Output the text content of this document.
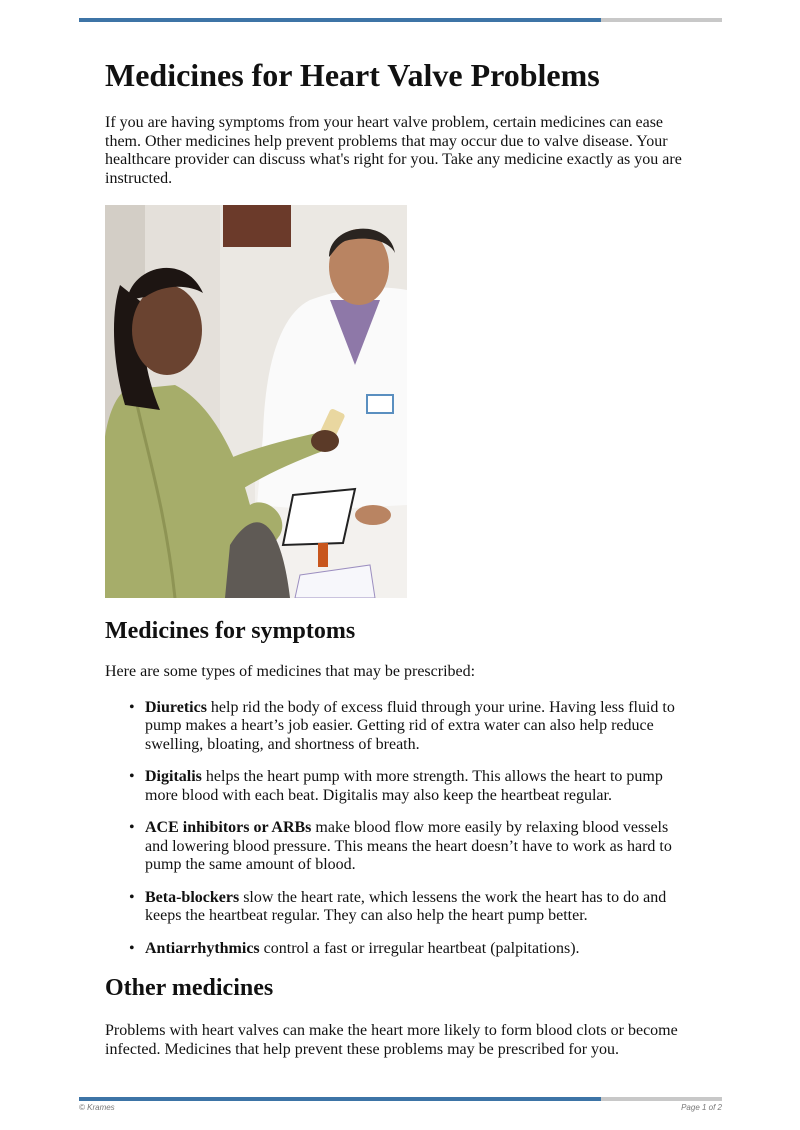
Medicines for Heart Valve Problems

If you are having symptoms from your heart valve problem, certain medicines can ease them. Other medicines help prevent problems that may occur due to valve disease. Your healthcare provider can discuss what's right for you. Take any medicine exactly as you are instructed.

Medicines for symptoms

Here are some types of medicines that may be prescribed:

• Diuretics help rid the body of excess fluid through your urine. Having less fluid to pump makes a heart’s job easier. Getting rid of extra water can also help reduce swelling, bloating, and shortness of breath.
• Digitalis helps the heart pump with more strength. This allows the heart to pump more blood with each beat. Digitalis may also keep the heartbeat regular.
• ACE inhibitors or ARBs make blood flow more easily by relaxing blood vessels and lowering blood pressure. This means the heart doesn’t have to work as hard to pump the same amount of blood.
• Beta-blockers slow the heart rate, which lessens the work the heart has to do and keeps the heartbeat regular. They can also help the heart pump better.
• Antiarrhythmics control a fast or irregular heartbeat (palpitations).
Other medicines

Problems with heart valves can make the heart more likely to form blood clots or become infected. Medicines that help prevent these problems may be prescribed for you.

© Krames	Page 1 of 2
